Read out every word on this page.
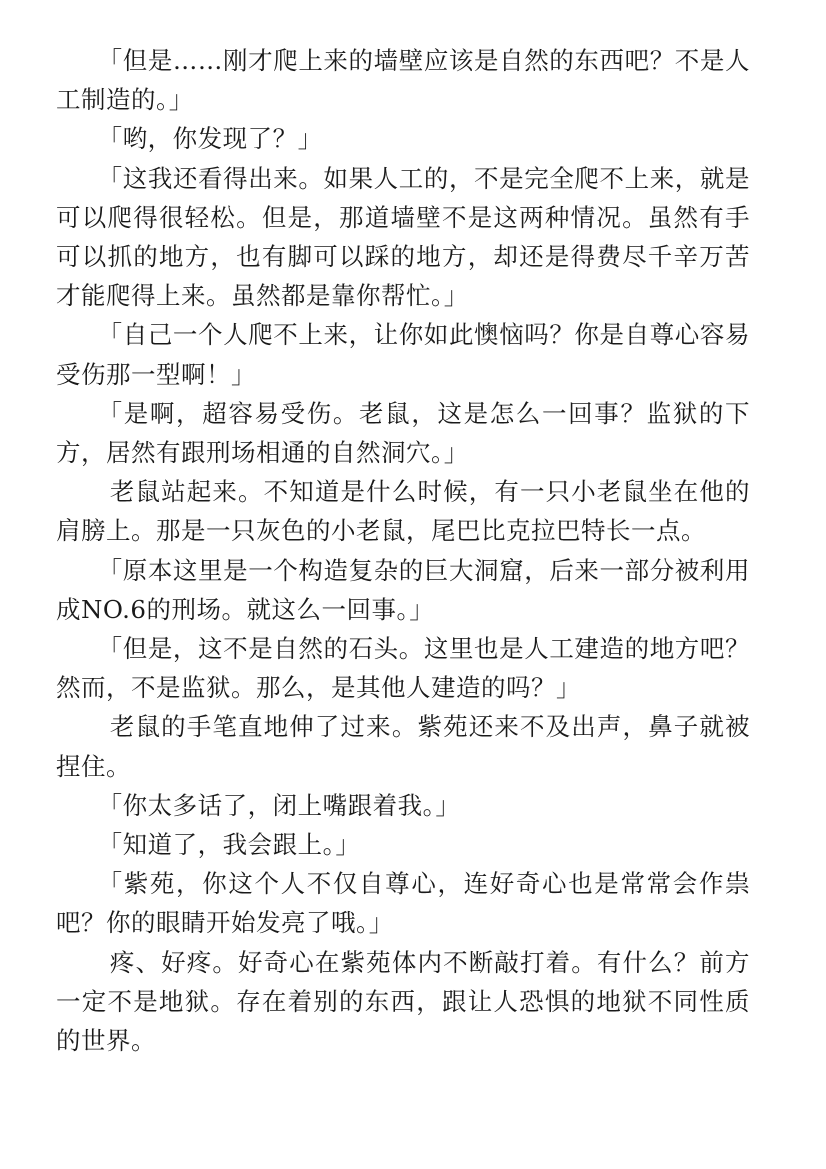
「但是……刚才爬上来的墙壁应该是自然的东西吧？不是人工制造的。」

「哟，你发现了？」

「这我还看得出来。如果人工的，不是完全爬不上来，就是可以爬得很轻松。但是，那道墙壁不是这两种情况。虽然有手可以抓的地方，也有脚可以踩的地方，却还是得费尽千辛万苦才能爬得上来。虽然都是靠你帮忙。」

「自己一个人爬不上来，让你如此懊恼吗？你是自尊心容易受伤那一型啊！」

「是啊，超容易受伤。老鼠，这是怎么一回事？监狱的下方，居然有跟刑场相通的自然洞穴。」

老鼠站起来。不知道是什么时候，有一只小老鼠坐在他的肩膀上。那是一只灰色的小老鼠，尾巴比克拉巴特长一点。

「原本这里是一个构造复杂的巨大洞窟，后来一部分被利用成NO.6的刑场。就这么一回事。」

「但是，这不是自然的石头。这里也是人工建造的地方吧？然而，不是监狱。那么，是其他人建造的吗？」

老鼠的手笔直地伸了过来。紫苑还来不及出声，鼻子就被捏住。

「你太多话了，闭上嘴跟着我。」

「知道了，我会跟上。」

「紫苑，你这个人不仅自尊心，连好奇心也是常常会作祟吧？你的眼睛开始发亮了哦。」

疼、好疼。好奇心在紫苑体内不断敲打着。有什么？前方一定不是地狱。存在着别的东西，跟让人恐惧的地狱不同性质的世界。
